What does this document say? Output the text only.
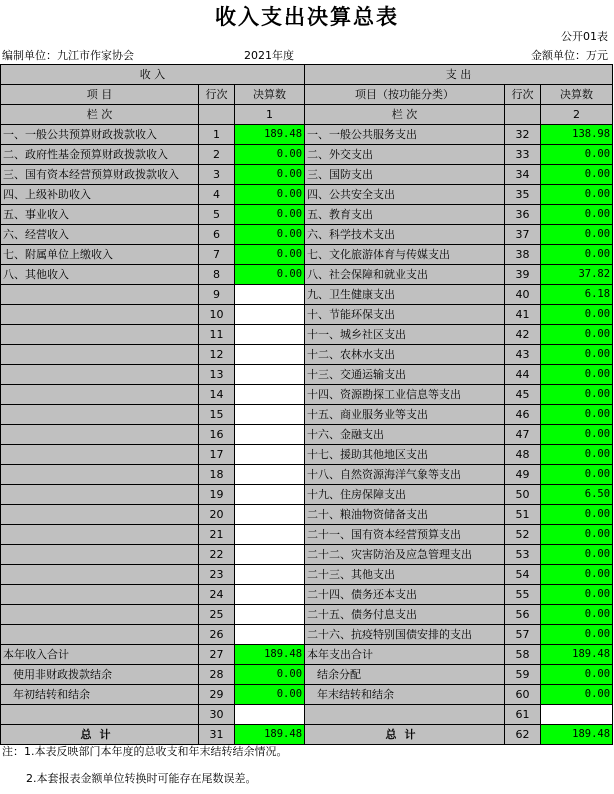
收入支出决算总表
公开01表
编制单位：九江市作家协会	2021年度	金额单位：万元
收 入			支 出		
项 目	行次	决算数	项目（按功能分类）	行次	决算数
栏 次		1	栏 次		2
一、一般公共预算财政拨款收入	1	189.48	一、一般公共服务支出	32	138.98
二、政府性基金预算财政拨款收入	2	0.00	二、外交支出	33	0.00
三、国有资本经营预算财政拨款收入	3	0.00	三、国防支出	34	0.00
四、上级补助收入	4	0.00	四、公共安全支出	35	0.00
五、事业收入	5	0.00	五、教育支出	36	0.00
六、经营收入	6	0.00	六、科学技术支出	37	0.00
七、附属单位上缴收入	7	0.00	七、文化旅游体育与传媒支出	38	0.00
八、其他收入	8	0.00	八、社会保障和就业支出	39	37.82
	9		九、卫生健康支出	40	6.18
	10		十、节能环保支出	41	0.00
	11		十一、城乡社区支出	42	0.00
	12		十二、农林水支出	43	0.00
	13		十三、交通运输支出	44	0.00
	14		十四、资源勘探工业信息等支出	45	0.00
	15		十五、商业服务业等支出	46	0.00
	16		十六、金融支出	47	0.00
	17		十七、援助其他地区支出	48	0.00
	18		十八、自然资源海洋气象等支出	49	0.00
	19		十九、住房保障支出	50	6.50
	20		二十、粮油物资储备支出	51	0.00
	21		二十一、国有资本经营预算支出	52	0.00
	22		二十二、灾害防治及应急管理支出	53	0.00
	23		二十三、其他支出	54	0.00
	24		二十四、债务还本支出	55	0.00
	25		二十五、债务付息支出	56	0.00
	26		二十六、抗疫特别国债安排的支出	57	0.00
本年收入合计	27	189.48	本年支出合计	58	189.48
使用非财政拨款结余	28	0.00	结余分配	59	0.00
年初结转和结余	29	0.00	年末结转和结余	60	0.00
	30			61	
总计	31	189.48	总计	62	189.48
注：1.本表反映部门本年度的总收支和年末结转结余情况。
2.本套报表金额单位转换时可能存在尾数误差。
